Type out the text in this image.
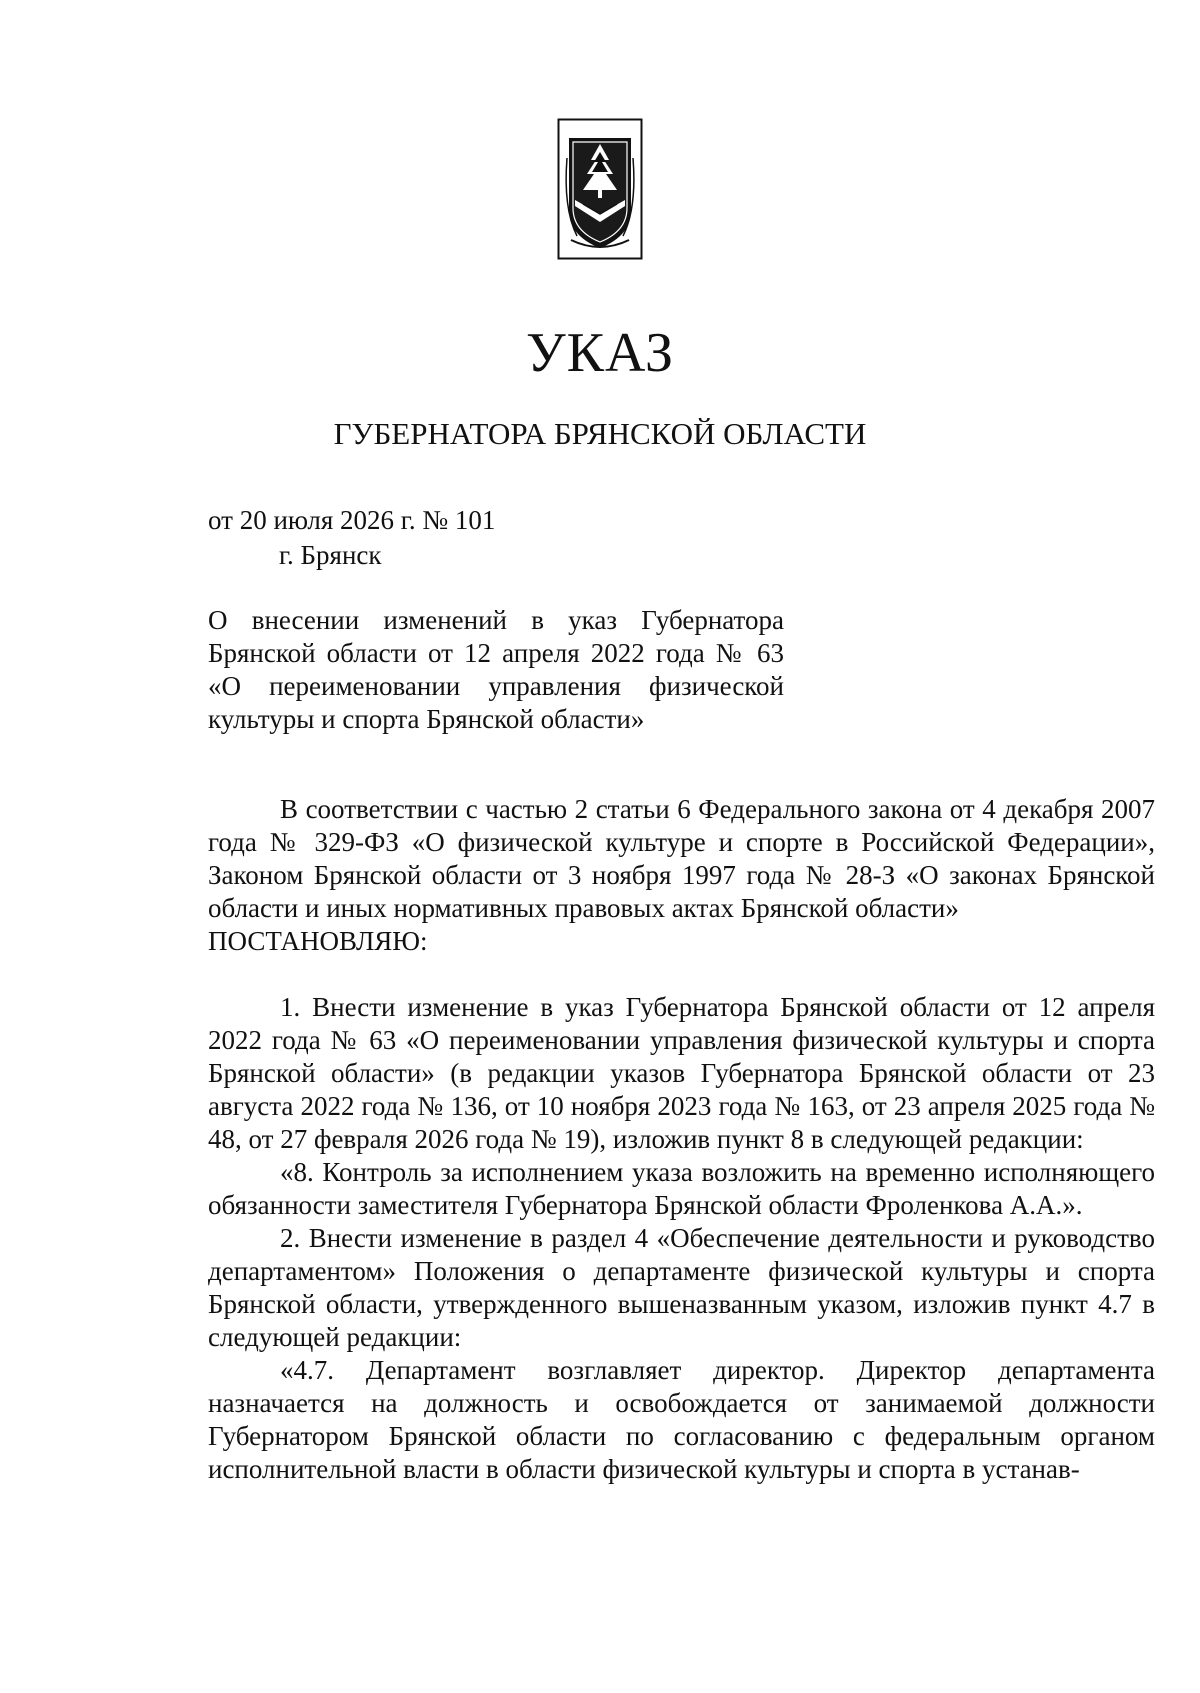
УКАЗ
ГУБЕРНАТОРА БРЯНСКОЙ ОБЛАСТИ
от 20 июля 2026 г. № 101
г. Брянск
О внесении изменений в указ Губернатора
Брянской области от 12 апреля 2022 года № 63
«О переименовании управления физической
культуры и спорта Брянской области»

В соответствии с частью 2 статьи 6 Федерального закона от 4 декабря 2007 года № 329-ФЗ «О физической культуре и спорте в Российской Федерации», Законом Брянской области от 3 ноября 1997 года № 28-З «О законах Брянской области и иных нормативных правовых актах Брянской области»

ПОСТАНОВЛЯЮ:

1. Внести изменение в указ Губернатора Брянской области от 12 апреля 2022 года № 63 «О переименовании управления физической культуры и спорта Брянской области» (в редакции указов Губернатора Брянской области от 23 августа 2022 года № 136, от 10 ноября 2023 года № 163, от 23 апреля 2025 года № 48, от 27 февраля 2026 года № 19), изложив пункт 8 в следующей редакции:

«8. Контроль за исполнением указа возложить на временно исполняющего обязанности заместителя Губернатора Брянской области Фроленкова А.А.».

2. Внести изменение в раздел 4 «Обеспечение деятельности и руководство департаментом» Положения о департаменте физической культуры и спорта Брянской области, утвержденного вышеназванным указом, изложив пункт 4.7 в следующей редакции:

«4.7. Департамент возглавляет директор. Директор департамента назначается на должность и освобождается от занимаемой должности Губернатором Брянской области по согласованию с федеральным органом исполнительной власти в области физической культуры и спорта в устанав-
